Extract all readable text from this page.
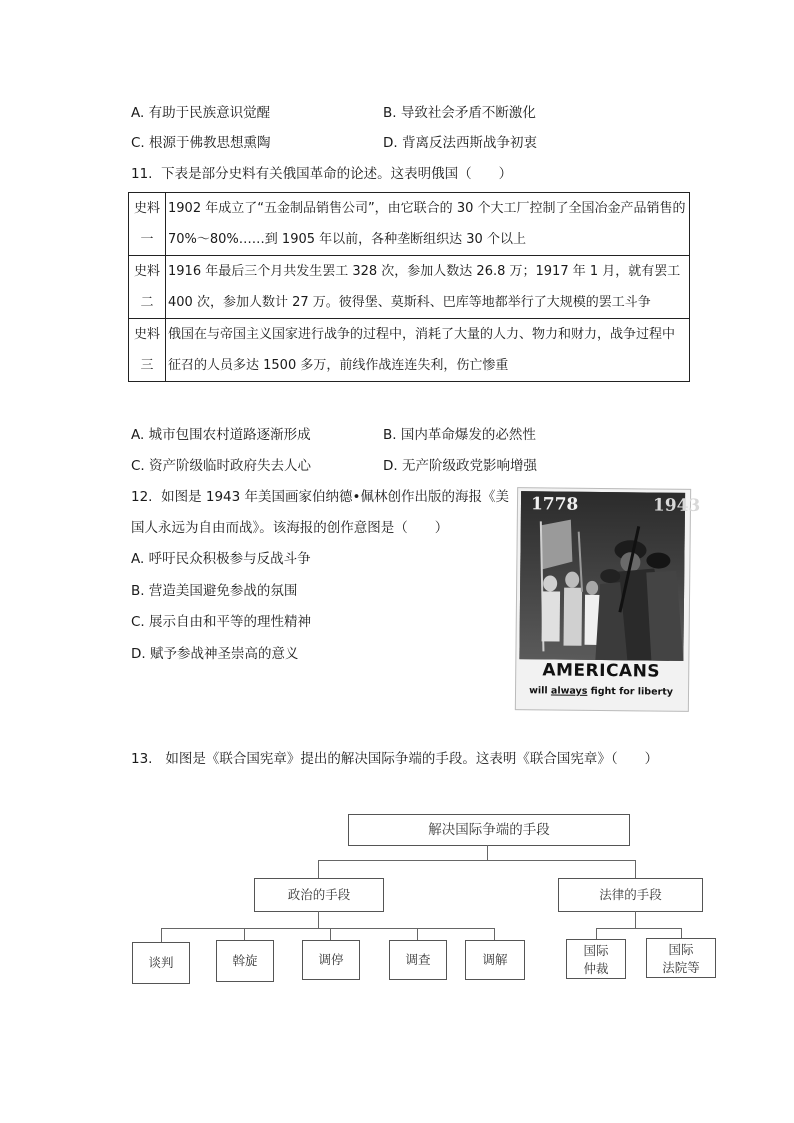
A. 有助于民族意识觉醒	B. 导致社会矛盾不断激化
C. 根源于佛教思想熏陶	D. 背离反法西斯战争初衷
11. 下表是部分史料有关俄国革命的论述。这表明俄国（　　）
史料
一	1902 年成立了“五金制品销售公司”，由它联合的 30 个大工厂控制了全国冶金产品销售的 70%～80%……到 1905 年以前，各种垄断组织达 30 个以上

史料
二	1916 年最后三个月共发生罢工 328 次，参加人数达 26.8 万；1917 年 1 月，就有罢工 400 次，参加人数计 27 万。彼得堡、莫斯科、巴库等地都举行了大规模的罢工斗争

史料
三	俄国在与帝国主义国家进行战争的过程中，消耗了大量的人力、物力和财力，战争过程中征召的人员多达 1500 多万，前线作战连连失利，伤亡惨重
A. 城市包围农村道路逐渐形成	B. 国内革命爆发的必然性
C. 资产阶级临时政府失去人心	D. 无产阶级政党影响增强
12. 如图是 1943 年美国画家伯纳德•佩林创作出版的海报《美
国人永远为自由而战》。该海报的创作意图是（　　）
A. 呼吁民众积极参与反战斗争
B. 营造美国避免参战的氛围
C. 展示自由和平等的理性精神
D. 赋予参战神圣崇高的意义
1778	1943
AMERICANS
will always fight for liberty
13. 如图是《联合国宪章》提出的解决国际争端的手段。这表明《联合国宪章》（　　）
解决国际争端的手段
政治的手段	法律的手段
谈判	斡旋	调停	调查	调解
国际
仲裁
国际
法院等
